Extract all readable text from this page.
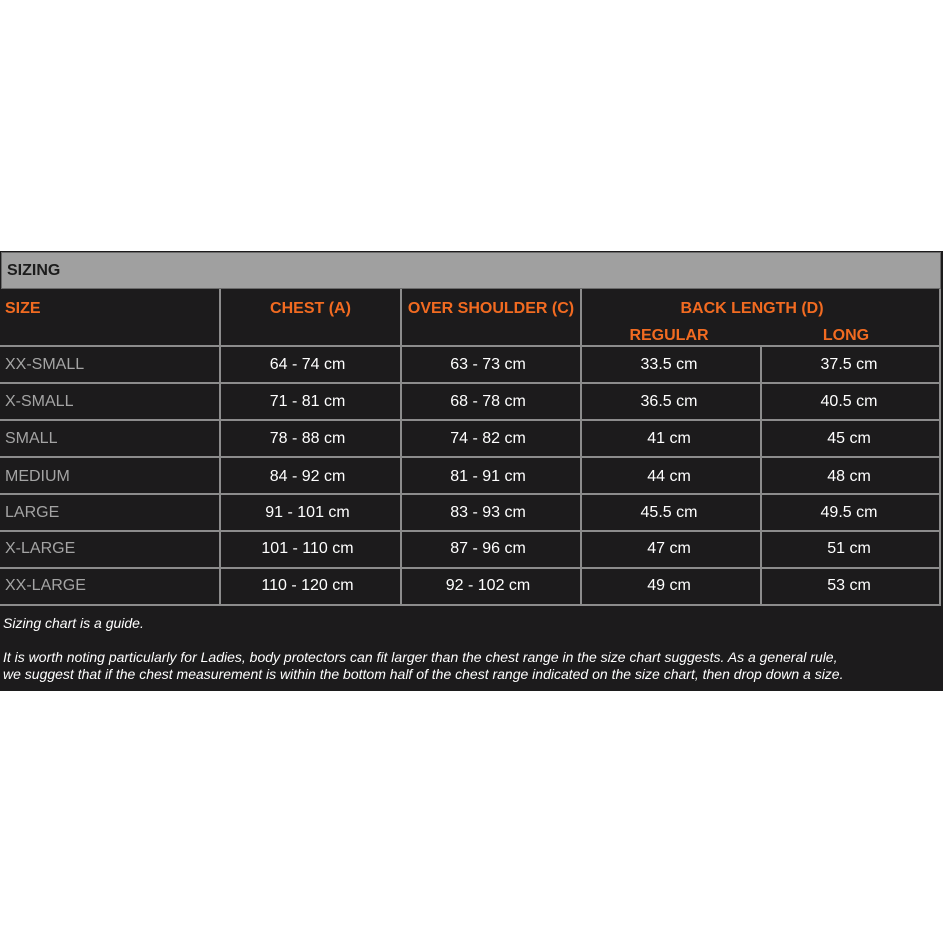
SIZING
SIZE	CHEST (A)	OVER SHOULDER (C)	BACK LENGTH (D)
REGULAR	LONG
XX-SMALL	64 - 74 cm	63 - 73 cm	33.5 cm	37.5 cm
X-SMALL	71 - 81 cm	68 - 78 cm	36.5 cm	40.5 cm
SMALL	78 - 88 cm	74 - 82 cm	41 cm	45 cm
MEDIUM	84 - 92 cm	81 - 91 cm	44 cm	48 cm
LARGE	91 - 101 cm	83 - 93 cm	45.5 cm	49.5 cm
X-LARGE	101 - 110 cm	87 - 96 cm	47 cm	51 cm
XX-LARGE	110 - 120 cm	92 - 102 cm	49 cm	53 cm
Sizing chart is a guide.
It is worth noting particularly for Ladies, body protectors can fit larger than the chest range in the size chart suggests. As a general rule,
we suggest that if the chest measurement is within the bottom half of the chest range indicated on the size chart, then drop down a size.
